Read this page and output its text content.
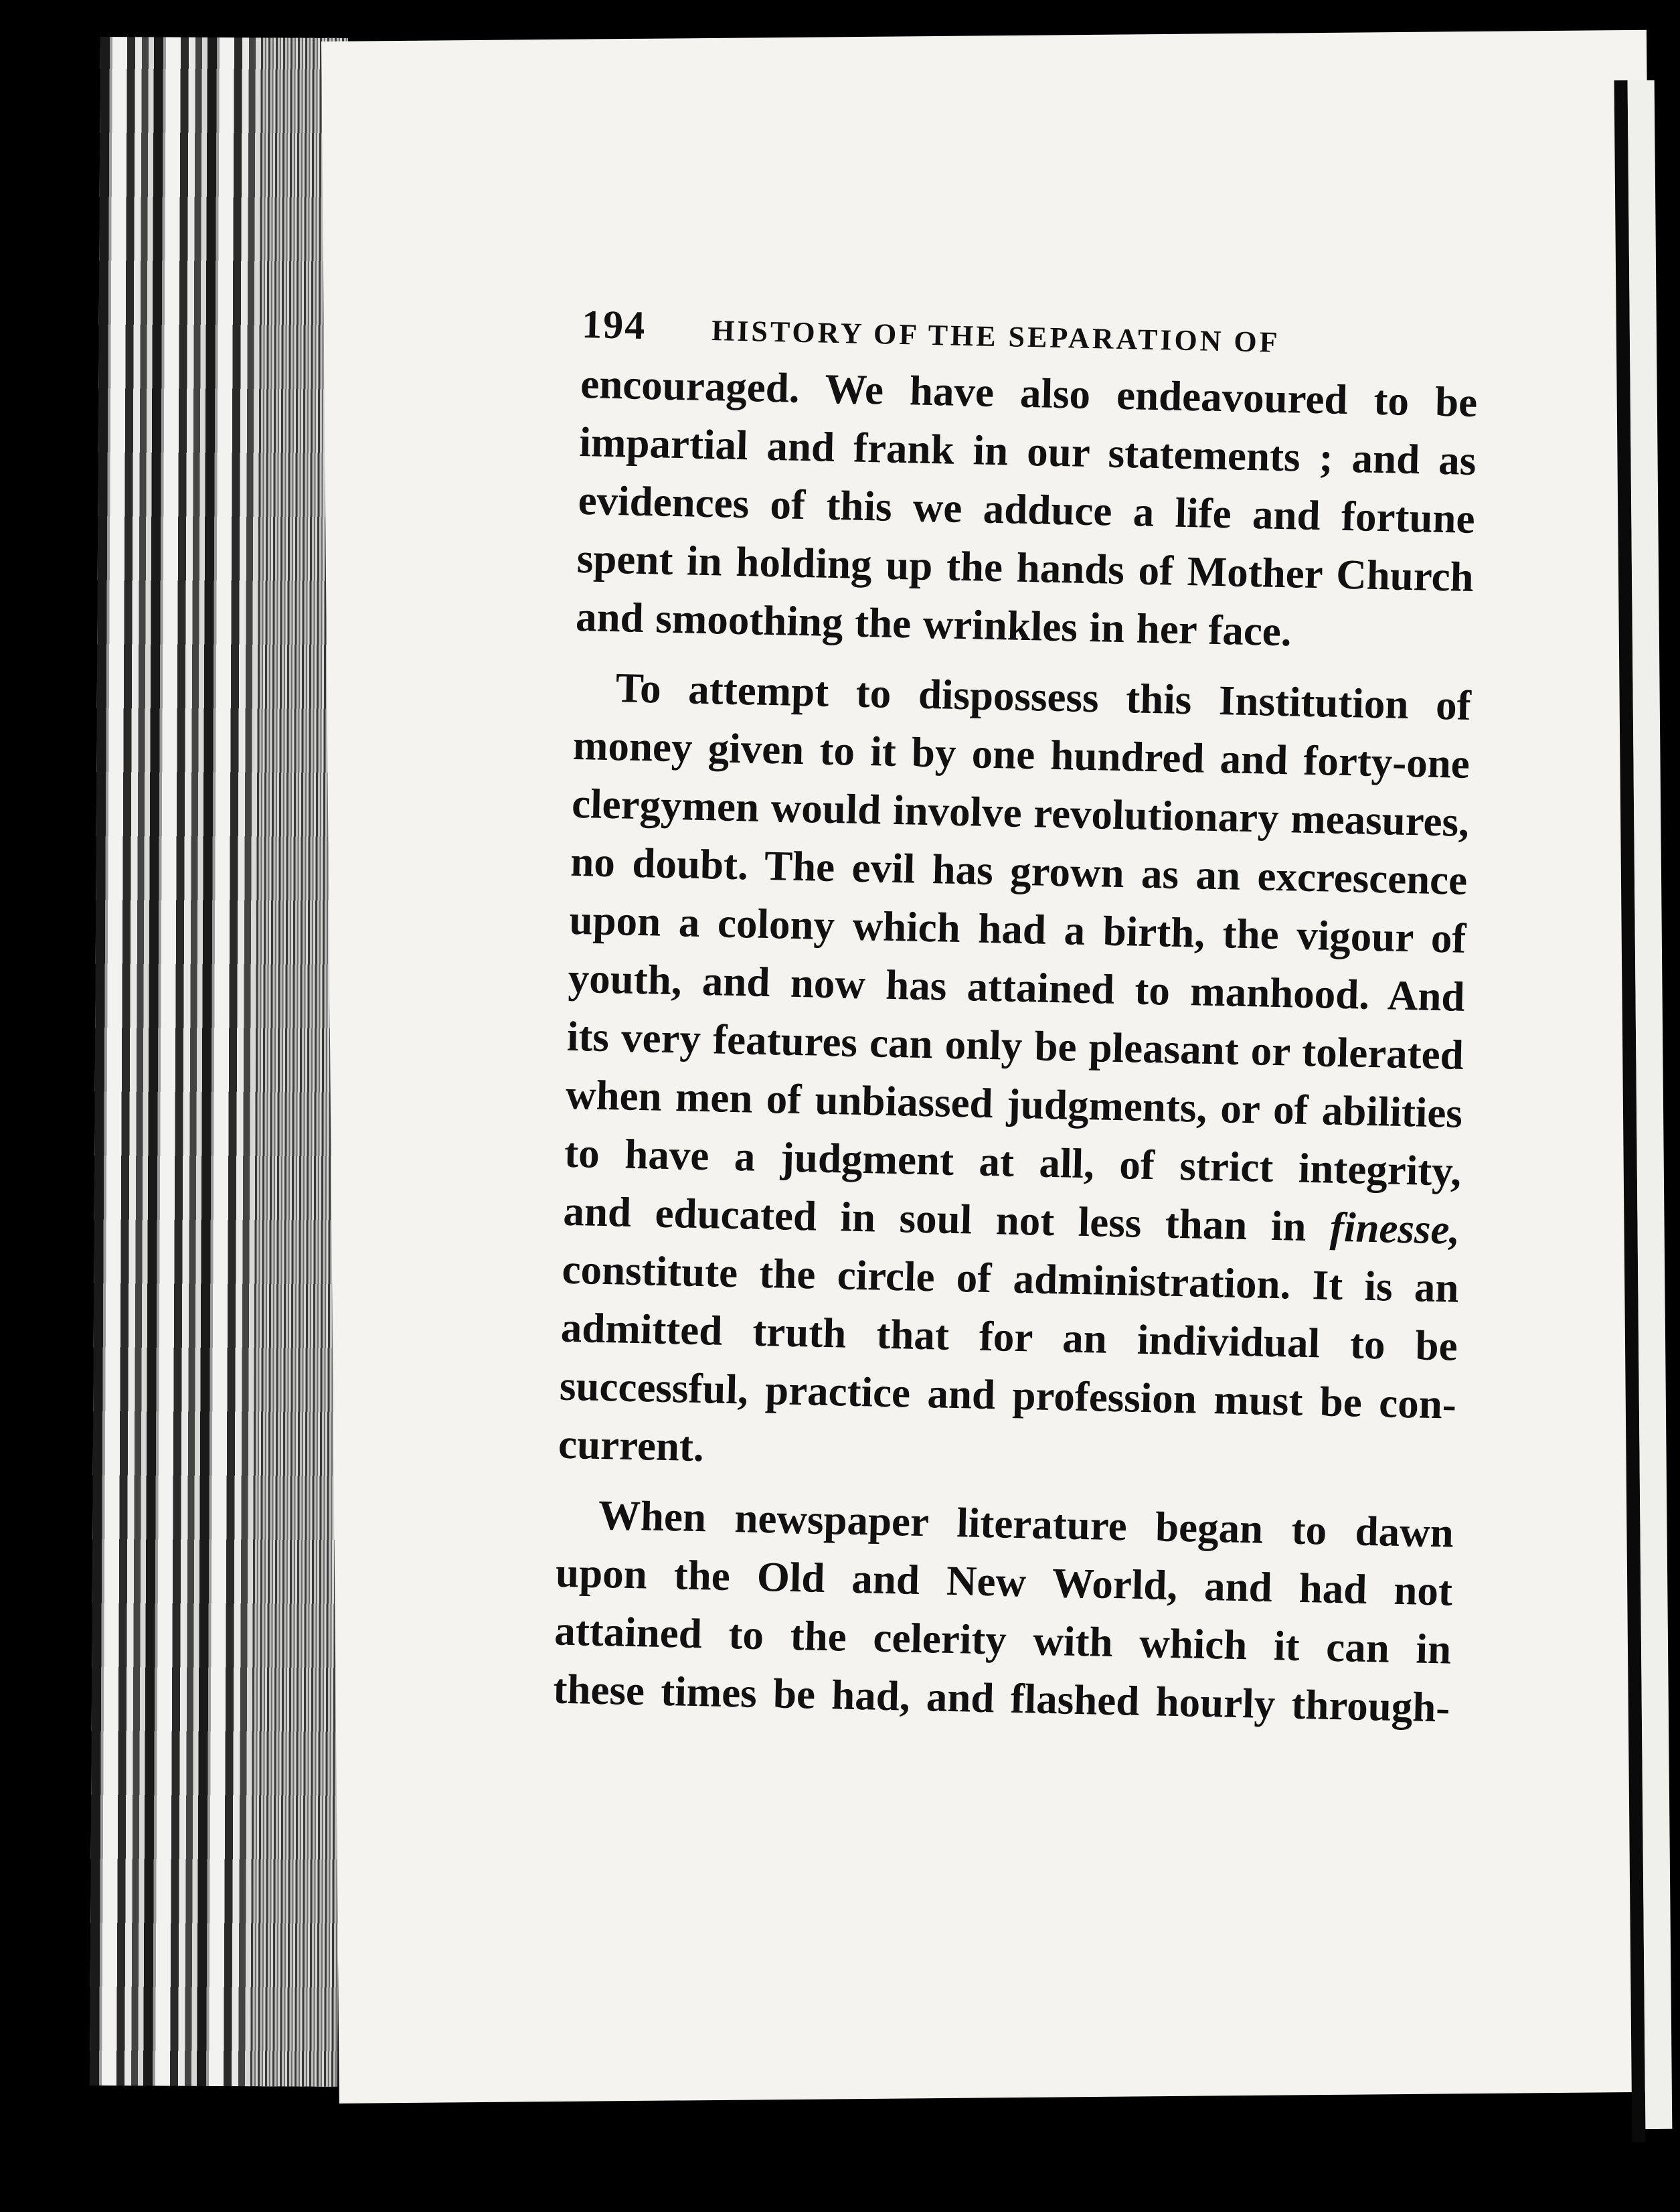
194 HISTORY OF THE SEPARATION OF

encouraged. We have also endeavoured to be
impartial and frank in our statements ; and as
evidences of this we adduce a life and fortune
spent in holding up the hands of Mother Church
and smoothing the wrinkles in her face.

To attempt to dispossess this Institution of
money given to it by one hundred and forty-one
clergymen would involve revolutionary measures,
no doubt. The evil has grown as an excrescence
upon a colony which had a birth, the vigour of
youth, and now has attained to manhood. And
its very features can only be pleasant or tolerated
when men of unbiassed judgments, or of abilities
to have a judgment at all, of strict integrity,
and educated in soul not less than in finesse,
constitute the circle of administration. It is an
admitted truth that for an individual to be
successful, practice and profession must be con-
current.

When newspaper literature began to dawn
upon the Old and New World, and had not
attained to the celerity with which it can in
these times be had, and flashed hourly through-
